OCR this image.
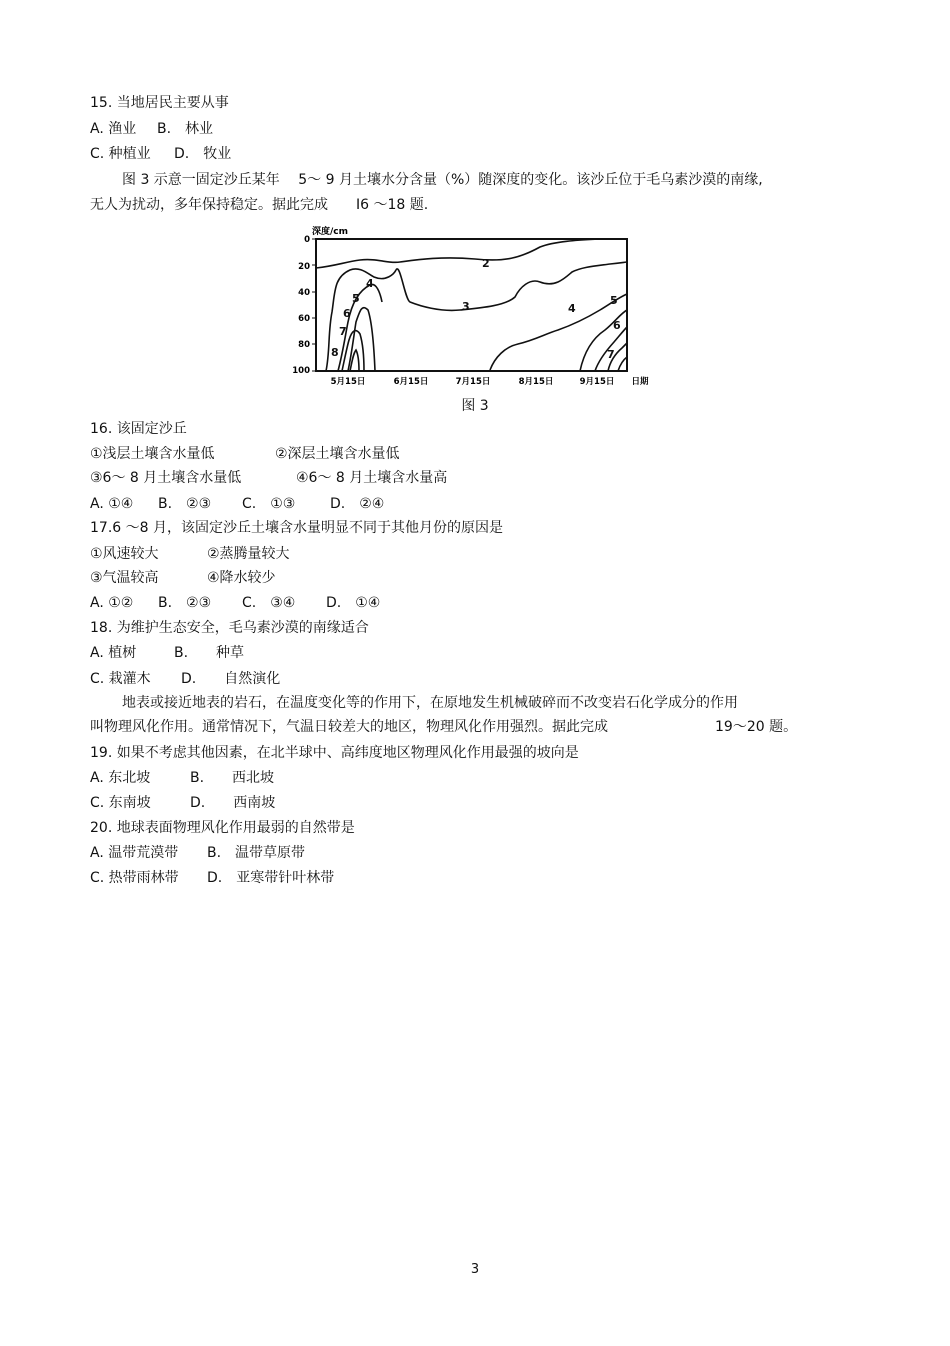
15. 当地居民主要从事
A. 渔业 B.　林业
C. 种植业 D.　牧业
图 3 示意一固定沙丘某年　 5～ 9 月土壤水分含量（%）随深度的变化。该沙丘位于毛乌素沙漠的南缘,
无人为扰动，多年保持稳定。据此完成　　I6 ～18 题.
深度/cm
0
20
40
60
80
100
5月15日	6月15日	7月15日	8月15日	9月15日 日期
2
3
4
5
6
7
8
4
5
6
7
图 3
16. 该固定沙丘
①浅层土壤含水量低	②深层土壤含水量低
③6～ 8 月土壤含水量低	④6～ 8 月土壤含水量高
A. ①④ B.　②③ C.　①③ D.　②④
17.6 ～8 月，该固定沙丘土壤含水量明显不同于其他月份的原因是
①风速较大	②蒸腾量较大
③气温较高	④降水较少
A. ①② B.　②③ C.　③④ D.　①④
18. 为维护生态安全，毛乌素沙漠的南缘适合
A. 植树	B.　　种草
C. 栽灌木 D.　　自然演化
地表或接近地表的岩石，在温度变化等的作用下，在原地发生机械破碎而不改变岩石化学成分的作用
叫物理风化作用。通常情况下，气温日较差大的地区，物理风化作用强烈。据此完成	19～20 题。
19. 如果不考虑其他因素，在北半球中、高纬度地区物理风化作用最强的坡向是
A. 东北坡	B.　　西北坡
C. 东南坡	D.　　西南坡
20. 地球表面物理风化作用最弱的自然带是
A. 温带荒漠带 B.　温带草原带
C. 热带雨林带 D.　亚寒带针叶林带
3
